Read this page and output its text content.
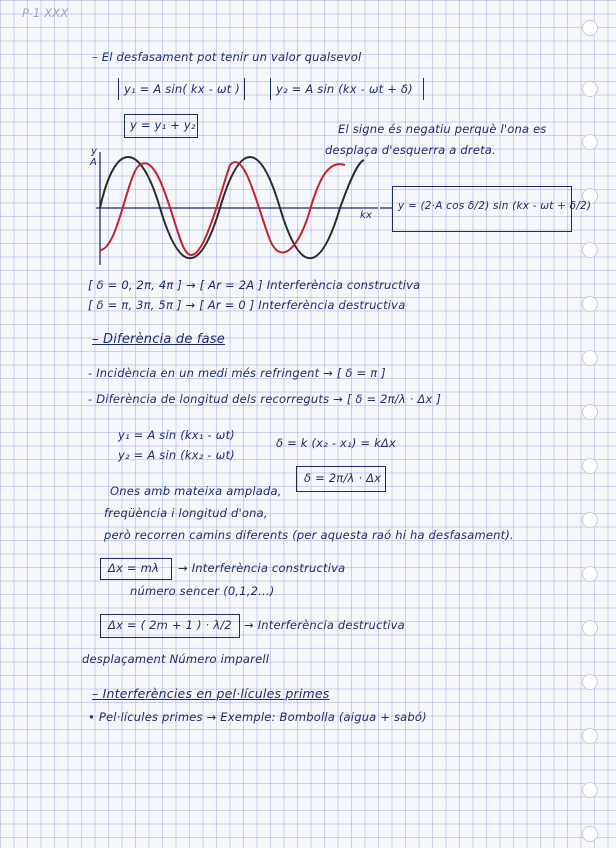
P-1 XXX
– El desfasament pot tenir un valor qualsevol
y₁ = A sin( kx - ωt )	y₂ = A sin (kx - ωt + δ)
y = y₁ + y₂	El signe és negatiu perquè l'ona es
desplaça d'esquerra a dreta.
y
A
kx
y = (2·A cos δ/2) sin (kx - ωt + δ/2)
[ δ = 0, 2π, 4π ] → [ Ar = 2A ] Interferència constructiva
[ δ = π, 3π, 5π ] → [ Ar = 0 ] Interferència destructiva
– Diferència de fase
- Incidència en un medi més refringent → [ δ = π ]
- Diferència de longitud dels recorreguts → [ δ = 2π/λ · Δx ]
y₁ = A sin (kx₁ - ωt)
y₂ = A sin (kx₂ - ωt)
δ = k (x₂ - x₁) = kΔx
δ = 2π/λ · Δx
Ones amb mateixa amplada,
freqüència i longitud d'ona,
però recorren camins diferents (per aquesta raó hi ha desfasament).
Δx = mλ → Interferència constructiva
número sencer (0,1,2...)
Δx = ( 2m + 1 ) · λ/2 → Interferència destructiva
desplaçament Número imparell
– Interferències en pel·lícules primes
• Pel·lícules primes → Exemple: Bombolla (aigua + sabó)
